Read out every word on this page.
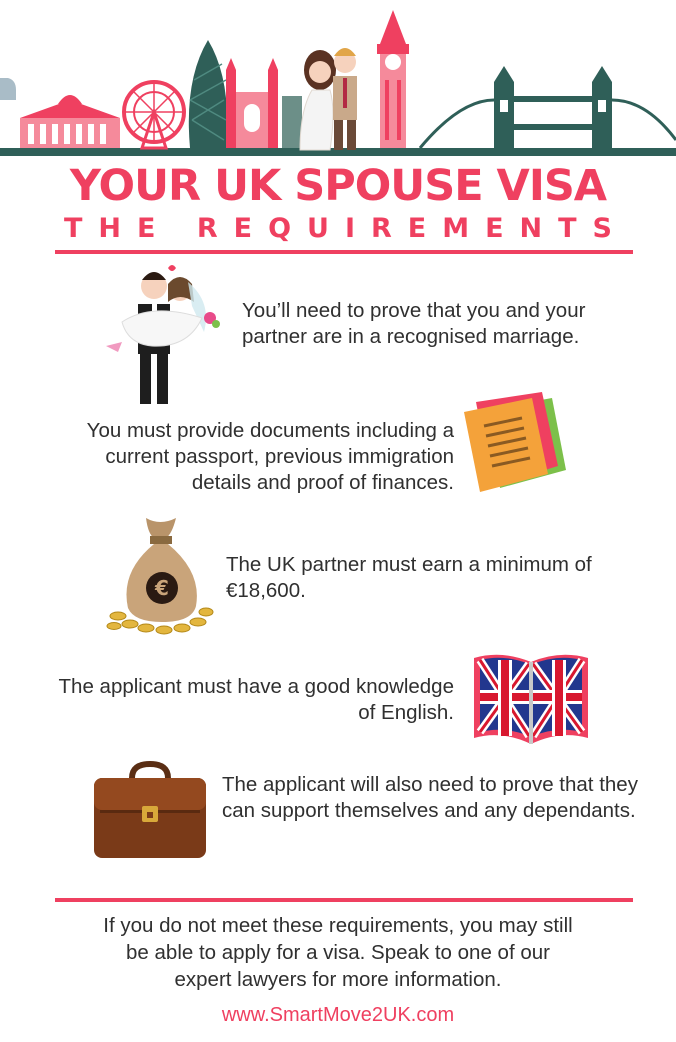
YOUR UK SPOUSE VISA
THE REQUIREMENTS
You’ll need to prove that you and your partner are in a recognised marriage.
You must provide documents including a current passport, previous immigration details and proof of finances.
€
The UK partner must earn a minimum of €18,600.
The applicant must have a good knowledge of English.
The applicant will also need to prove that they can support themselves and any dependants.
If you do not meet these requirements, you may still be able to apply for a visa. Speak to one of our expert lawyers for more information.
www.SmartMove2UK.com
